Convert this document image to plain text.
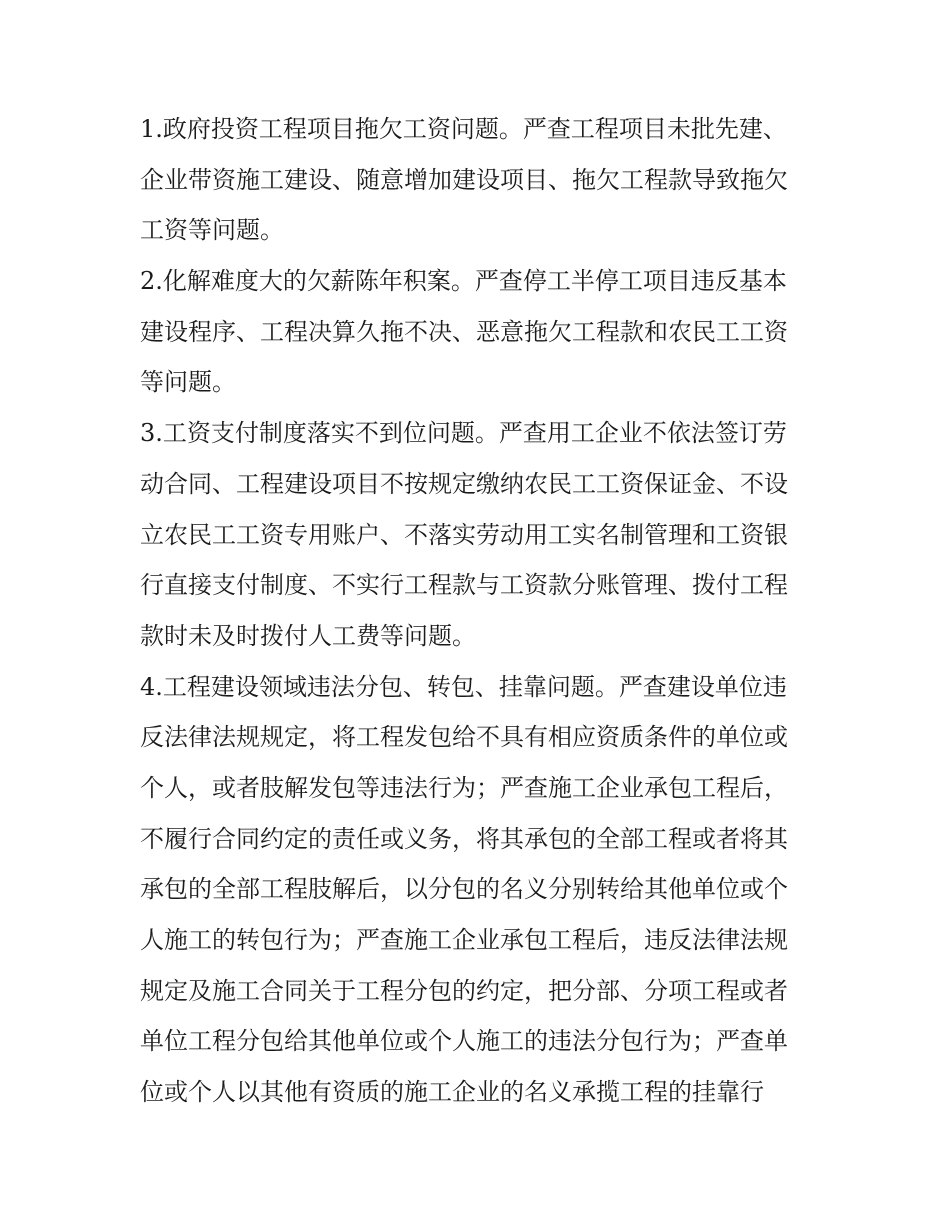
1.政府投资工程项目拖欠工资问题。严查工程项目未批先建、
企业带资施工建设、随意增加建设项目、拖欠工程款导致拖欠
工资等问题。
2.化解难度大的欠薪陈年积案。严查停工半停工项目违反基本
建设程序、工程决算久拖不决、恶意拖欠工程款和农民工工资
等问题。
3.工资支付制度落实不到位问题。严查用工企业不依法签订劳
动合同、工程建设项目不按规定缴纳农民工工资保证金、不设
立农民工工资专用账户、不落实劳动用工实名制管理和工资银
行直接支付制度、不实行工程款与工资款分账管理、拨付工程
款时未及时拨付人工费等问题。
4.工程建设领域违法分包、转包、挂靠问题。严查建设单位违
反法律法规规定，将工程发包给不具有相应资质条件的单位或
个人，或者肢解发包等违法行为；严查施工企业承包工程后，
不履行合同约定的责任或义务，将其承包的全部工程或者将其
承包的全部工程肢解后，以分包的名义分别转给其他单位或个
人施工的转包行为；严查施工企业承包工程后，违反法律法规
规定及施工合同关于工程分包的约定，把分部、分项工程或者
单位工程分包给其他单位或个人施工的违法分包行为；严查单
位或个人以其他有资质的施工企业的名义承揽工程的挂靠行
